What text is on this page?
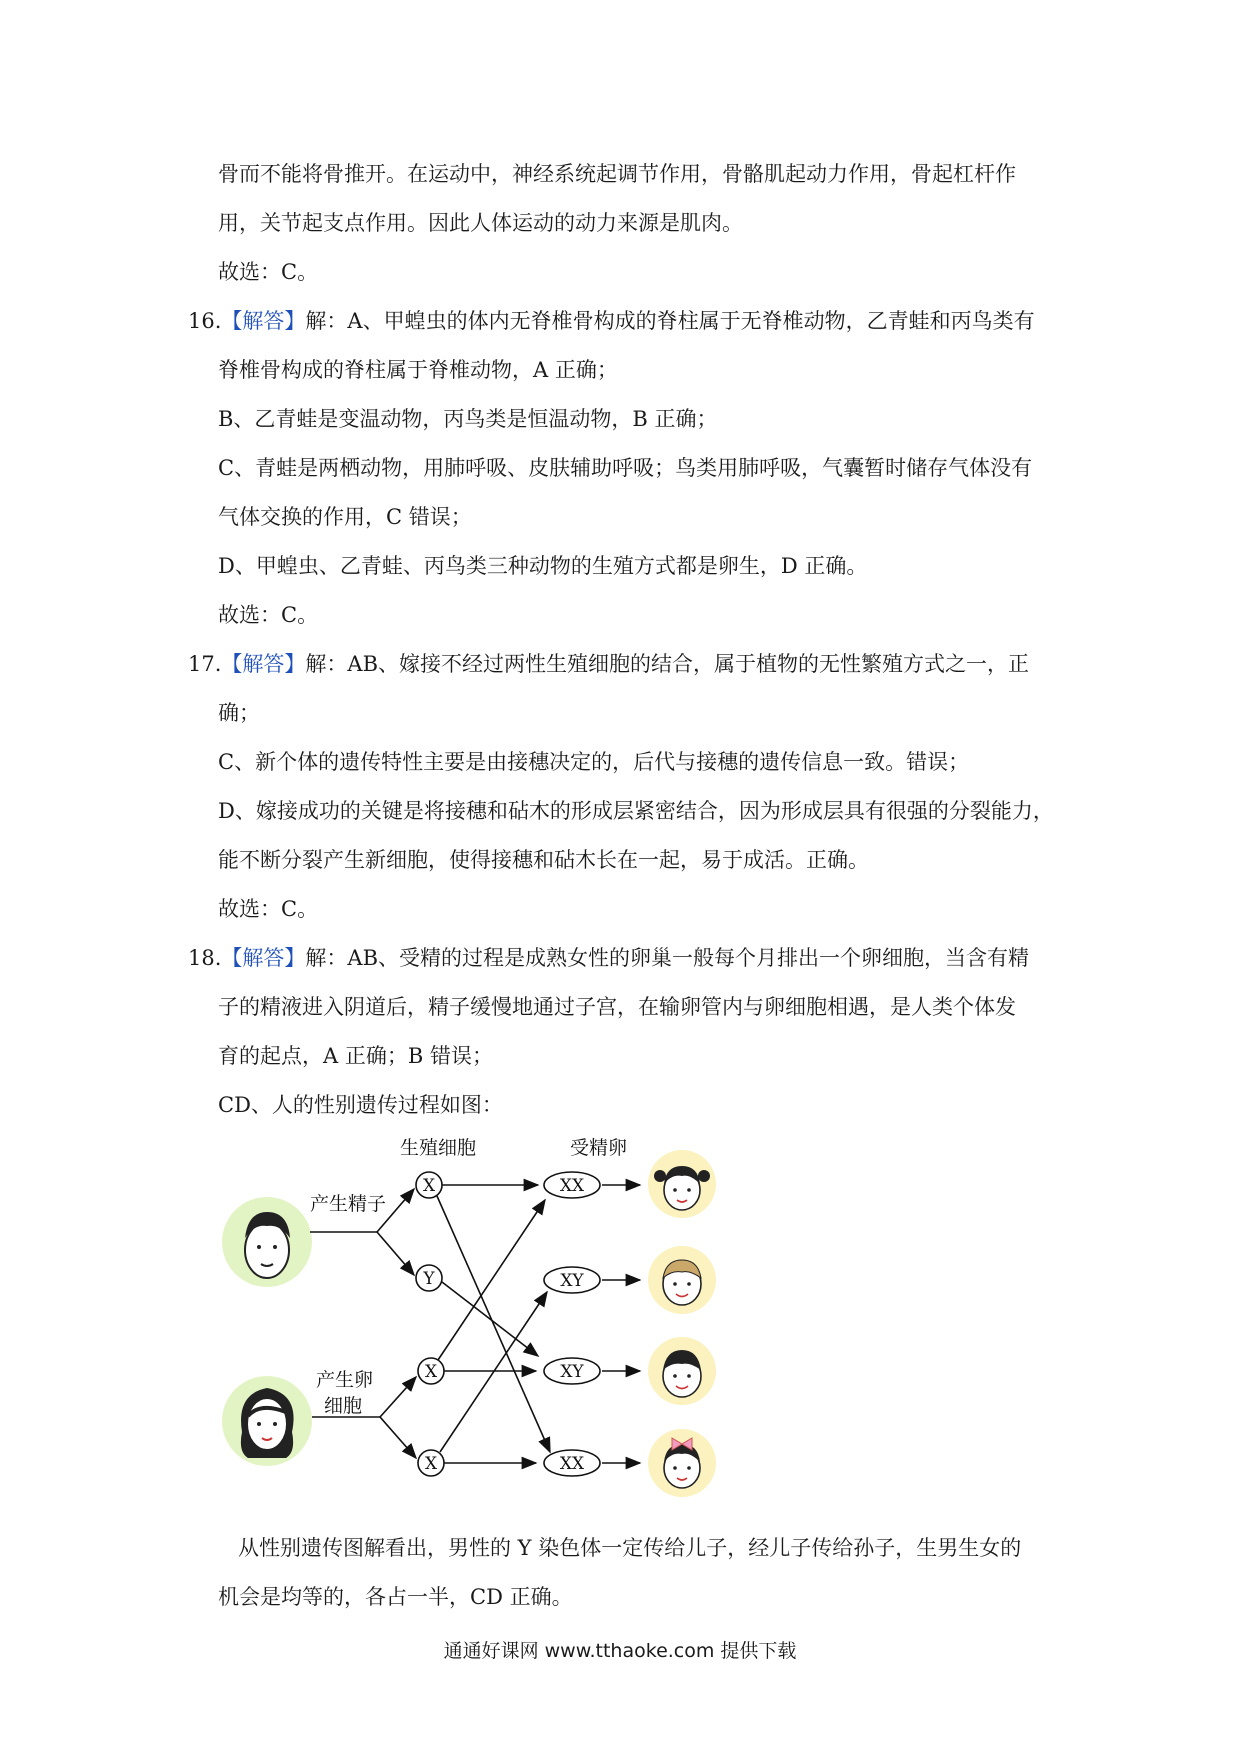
骨而不能将骨推开。在运动中，神经系统起调节作用，骨骼肌起动力作用，骨起杠杆作
用，关节起支点作用。因此人体运动的动力来源是肌肉。
故选：C。
16.【解答】解：A、甲蝗虫的体内无脊椎骨构成的脊柱属于无脊椎动物，乙青蛙和丙鸟类有
脊椎骨构成的脊柱属于脊椎动物，A 正确；
B、乙青蛙是变温动物，丙鸟类是恒温动物，B 正确；
C、青蛙是两栖动物，用肺呼吸、皮肤辅助呼吸；鸟类用肺呼吸，气囊暂时储存气体没有
气体交换的作用，C 错误；
D、甲蝗虫、乙青蛙、丙鸟类三种动物的生殖方式都是卵生，D 正确。
故选：C。
17.【解答】解：AB、嫁接不经过两性生殖细胞的结合，属于植物的无性繁殖方式之一，正
确；
C、新个体的遗传特性主要是由接穗决定的，后代与接穗的遗传信息一致。错误；
D、嫁接成功的关键是将接穗和砧木的形成层紧密结合，因为形成层具有很强的分裂能力，
能不断分裂产生新细胞，使得接穗和砧木长在一起，易于成活。正确。
故选：C。
18.【解答】解：AB、受精的过程是成熟女性的卵巢一般每个月排出一个卵细胞，当含有精
子的精液进入阴道后，精子缓慢地通过子宫，在输卵管内与卵细胞相遇，是人类个体发
育的起点，A 正确；B 错误；
CD、人的性别遗传过程如图：
生殖细胞	受精卵
产生精子
产生卵
细胞
X
Y
X
X
XX
XY
XY
XX
从性别遗传图解看出，男性的 Y 染色体一定传给儿子，经儿子传给孙子，生男生女的
机会是均等的，各占一半，CD 正确。
通通好课网 www.tthaoke.com 提供下载
